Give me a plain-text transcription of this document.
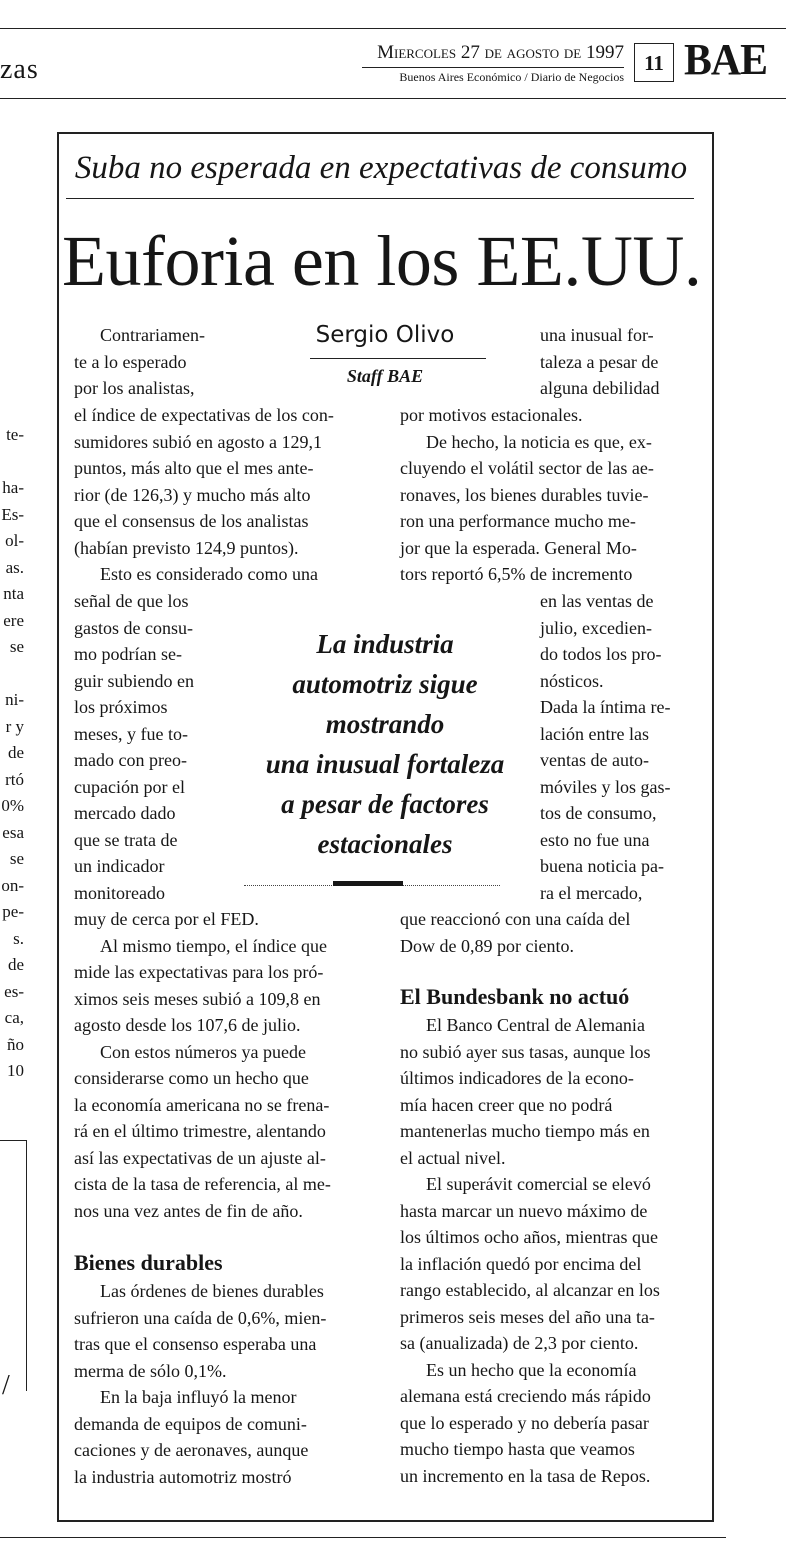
zas
Miercoles 27 de agosto de 1997
Buenos Aires Económico / Diario de Negocios
11 BAE
te-

ha-
Es-
ol-
as.
nta
ere
se

ni-
r y
de
rtó
0%
esa
se
on-
pe-
s.
de
es-
ca,
ño
10
/
Suba no esperada en expectativas de consumo
Euforia en los EE.UU.
Sergio Olivo
Staff BAE
Contrariamen-
te a lo esperado
por los analistas,
el índice de expectativas de los con-
sumidores subió en agosto a 129,1
puntos, más alto que el mes ante-
rior (de 126,3) y mucho más alto
que el consensus de los analistas
(habían previsto 124,9 puntos).
Esto es considerado como una
señal de que los
gastos de consu-
mo podrían se-
guir subiendo en
los próximos
meses, y fue to-
mado con preo-
cupación por el
mercado dado
que se trata de
un indicador
monitoreado
muy de cerca por el FED.
Al mismo tiempo, el índice que
mide las expectativas para los pró-
ximos seis meses subió a 109,8 en
agosto desde los 107,6 de julio.
Con estos números ya puede
considerarse como un hecho que
la economía americana no se frena-
rá en el último trimestre, alentando
así las expectativas de un ajuste al-
cista de la tasa de referencia, al me-
nos una vez antes de fin de año.
Bienes durables
Las órdenes de bienes durables
sufrieron una caída de 0,6%, mien-
tras que el consenso esperaba una
merma de sólo 0,1%.
En la baja influyó la menor
demanda de equipos de comuni-
caciones y de aeronaves, aunque
la industria automotriz mostró
La industria
automotriz sigue
mostrando
una inusual fortaleza
a pesar de factores
estacionales
una inusual for-
taleza a pesar de
alguna debilidad
por motivos estacionales.
De hecho, la noticia es que, ex-
cluyendo el volátil sector de las ae-
ronaves, los bienes durables tuvie-
ron una performance mucho me-
jor que la esperada. General Mo-
tors reportó 6,5% de incremento
en las ventas de
julio, excedien-
do todos los pro-
nósticos.
Dada la íntima re-
lación entre las
ventas de auto-
móviles y los gas-
tos de consumo,
esto no fue una
buena noticia pa-
ra el mercado,
que reaccionó con una caída del
Dow de 0,89 por ciento.
El Bundesbank no actuó
El Banco Central de Alemania
no subió ayer sus tasas, aunque los
últimos indicadores de la econo-
mía hacen creer que no podrá
mantenerlas mucho tiempo más en
el actual nivel.
El superávit comercial se elevó
hasta marcar un nuevo máximo de
los últimos ocho años, mientras que
la inflación quedó por encima del
rango establecido, al alcanzar en los
primeros seis meses del año una ta-
sa (anualizada) de 2,3 por ciento.
Es un hecho que la economía
alemana está creciendo más rápido
que lo esperado y no debería pasar
mucho tiempo hasta que veamos
un incremento en la tasa de Repos.
